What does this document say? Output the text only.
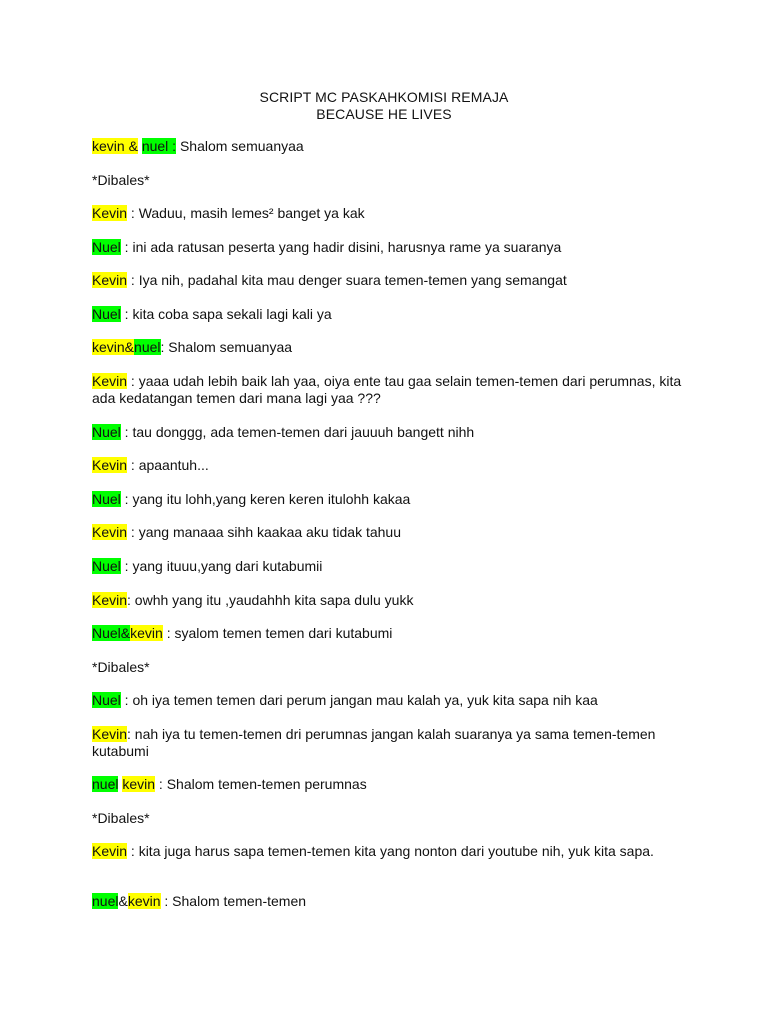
SCRIPT MC PASKAHKOMISI REMAJA
BECAUSE HE LIVES
kevin & nuel : Shalom semuanyaa
*Dibales*
Kevin : Waduu, masih lemes² banget ya kak
Nuel : ini ada ratusan peserta yang hadir disini, harusnya rame ya suaranya
Kevin : Iya nih, padahal kita mau denger suara temen-temen yang semangat
Nuel : kita coba sapa sekali lagi kali ya
kevin&nuel: Shalom semuanyaa
Kevin : yaaa udah lebih baik lah yaa, oiya ente tau gaa selain temen-temen dari perumnas, kita ada kedatangan temen dari mana lagi yaa ???
Nuel : tau donggg, ada temen-temen dari jauuuh bangett nihh
Kevin : apaantuh...
Nuel : yang itu lohh,yang keren keren itulohh kakaa
Kevin : yang manaaa sihh kaakaa aku tidak tahuu
Nuel : yang ituuu,yang dari kutabumii
Kevin: owhh yang itu ,yaudahhh kita sapa dulu yukk
Nuel&kevin : syalom temen temen dari kutabumi
*Dibales*
Nuel : oh iya temen temen dari perum jangan mau kalah ya, yuk kita sapa nih kaa
Kevin: nah iya tu temen-temen dri perumnas jangan kalah suaranya ya sama temen-temen kutabumi
nuel kevin : Shalom temen-temen perumnas
*Dibales*
Kevin : kita juga harus sapa temen-temen kita yang nonton dari youtube nih, yuk kita sapa.
nuel&kevin : Shalom temen-temen
